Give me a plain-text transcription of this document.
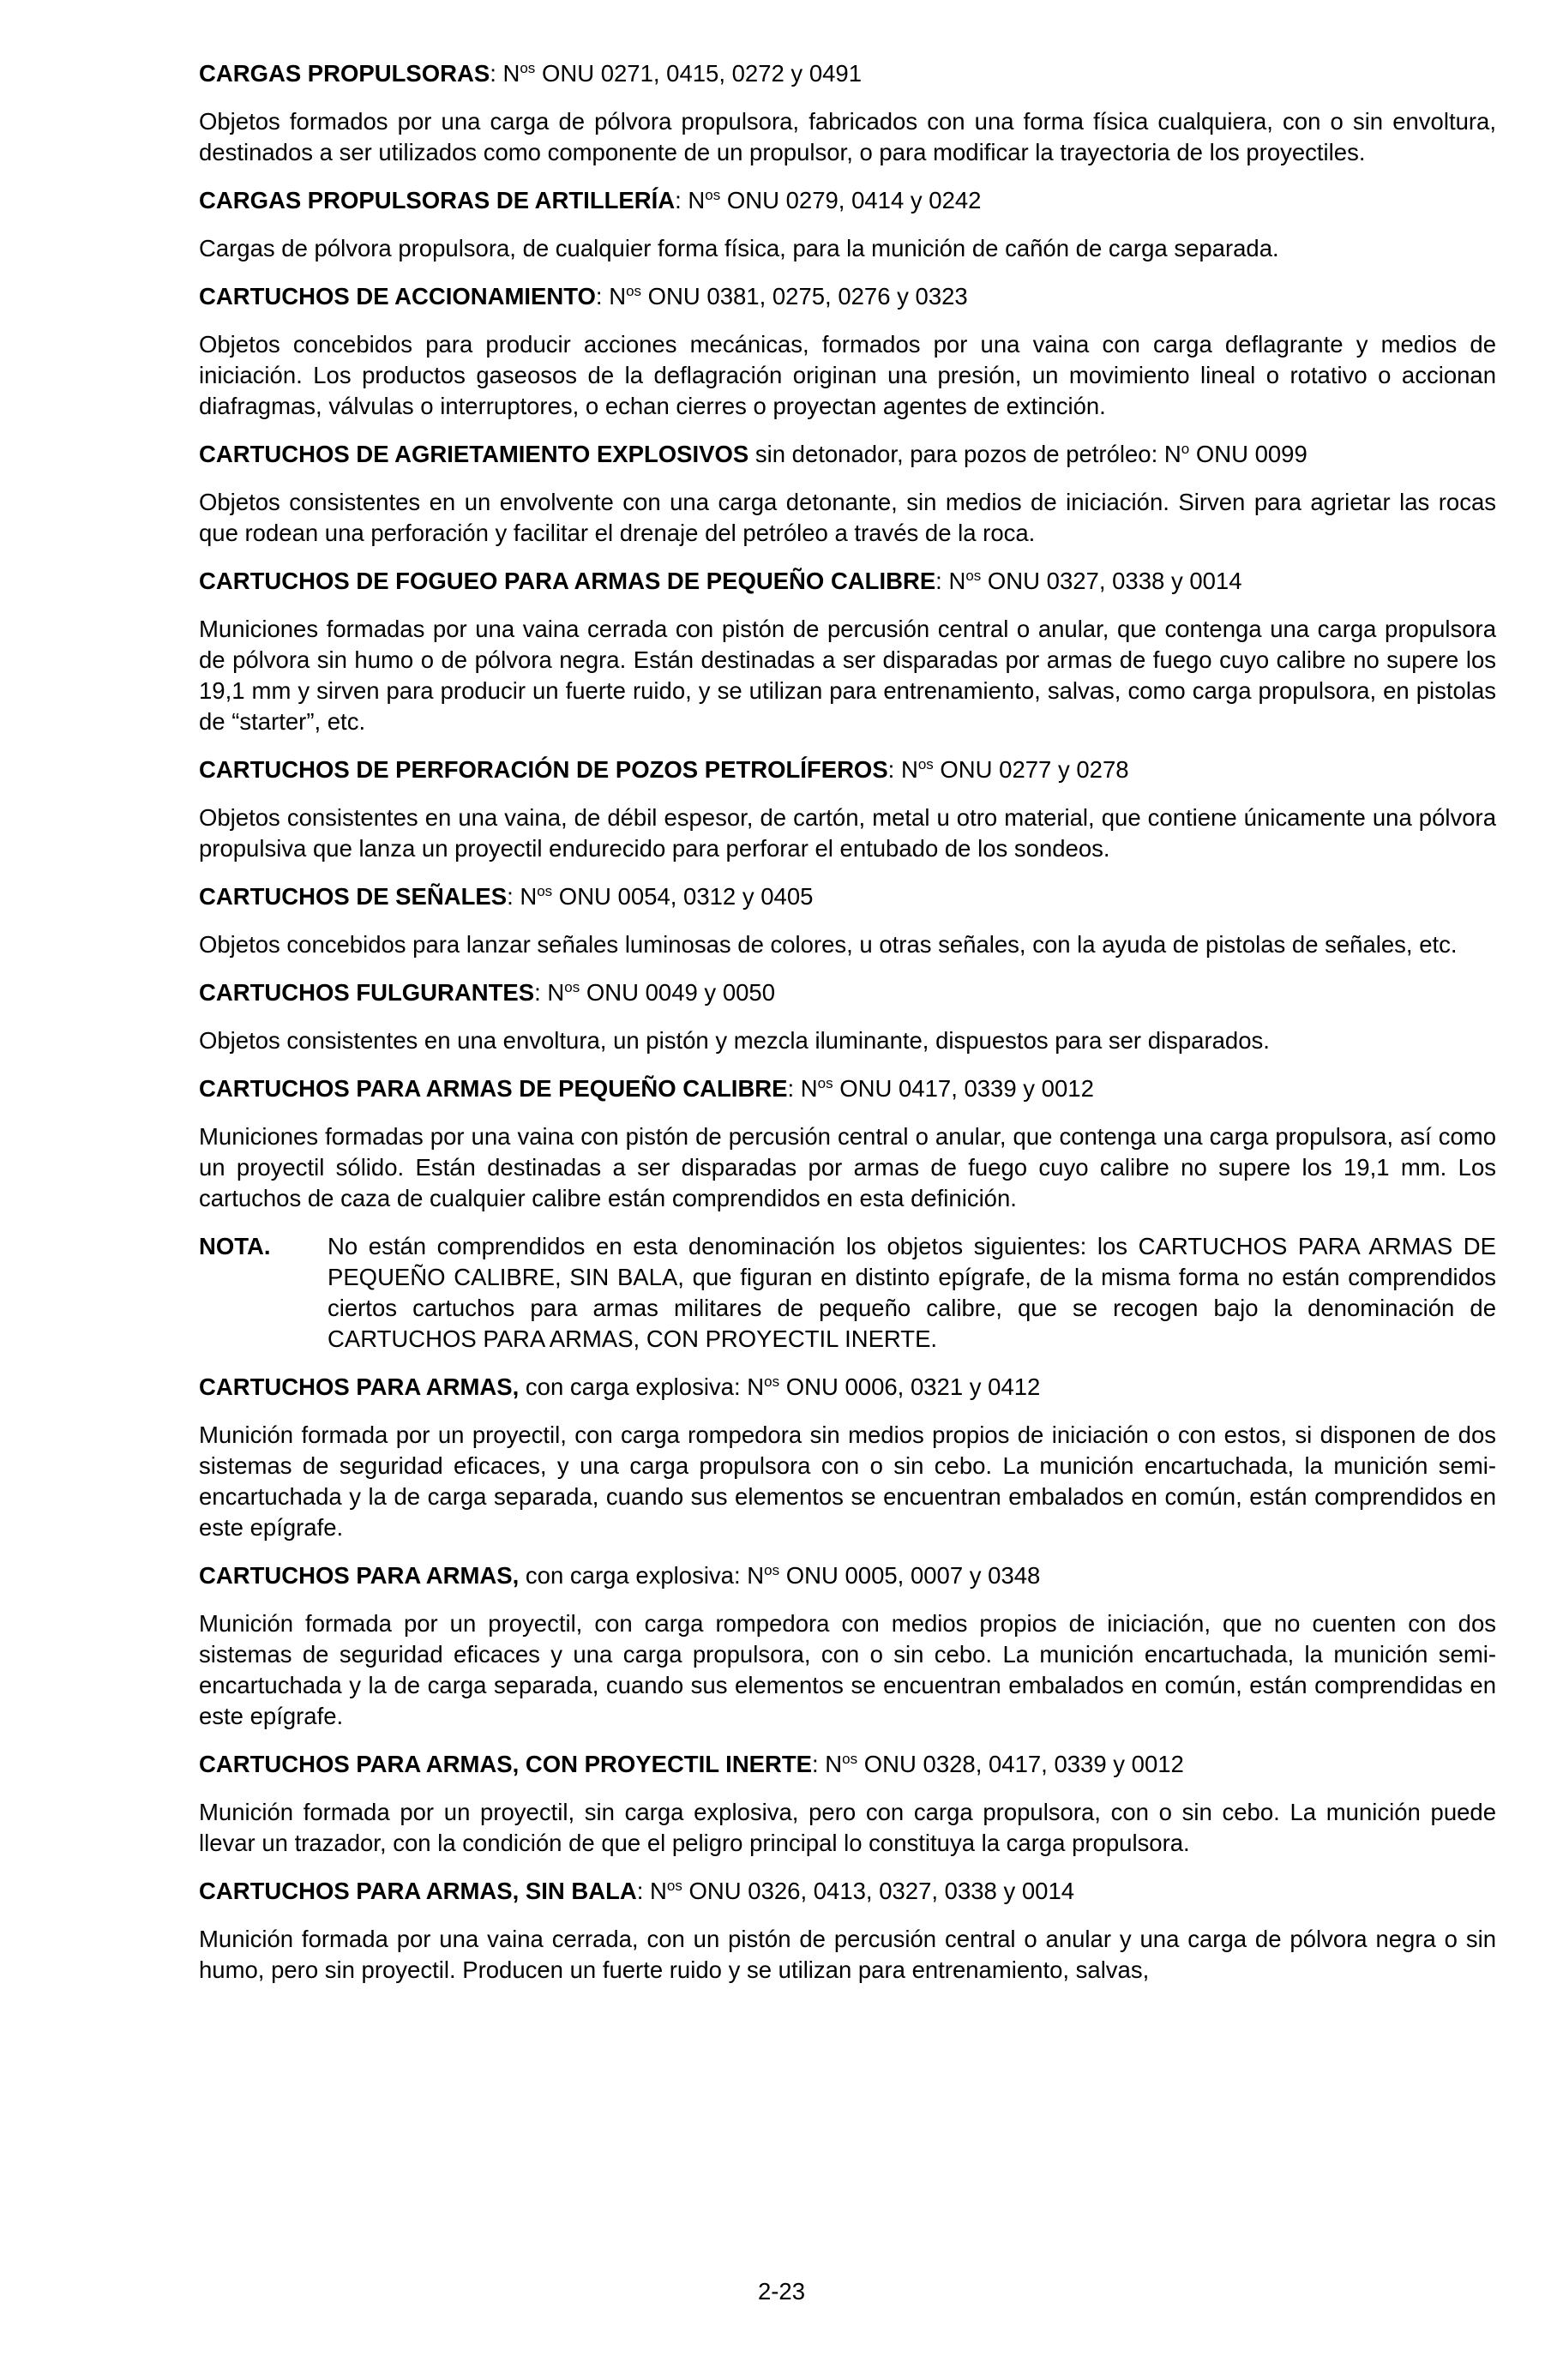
CARGAS PROPULSORAS: $N^{os}$ ONU 0271, 0415, 0272 y 0491

Objetos formados por una carga de pólvora propulsora, fabricados con una forma física cualquiera, con o sin envoltura, destinados a ser utilizados como componente de un propulsor, o para modificar la trayectoria de los proyectiles.

CARGAS PROPULSORAS DE ARTILLERÍA: $N^{os}$ ONU 0279, 0414 y 0242

Cargas de pólvora propulsora, de cualquier forma física, para la munición de cañón de carga separada.

CARTUCHOS DE ACCIONAMIENTO: $N^{os}$ ONU 0381, 0275, 0276 y 0323

Objetos concebidos para producir acciones mecánicas, formados por una vaina con carga deflagrante y medios de iniciación. Los productos gaseosos de la deflagración originan una presión, un movimiento lineal o rotativo o accionan diafragmas, válvulas o interruptores, o echan cierres o proyectan agentes de extinción.

CARTUCHOS DE AGRIETAMIENTO EXPLOSIVOS sin detonador, para pozos de petróleo: $N^o$ ONU 0099

Objetos consistentes en un envolvente con una carga detonante, sin medios de iniciación. Sirven para agrietar las rocas que rodean una perforación y facilitar el drenaje del petróleo a través de la roca.

CARTUCHOS DE FOGUEO PARA ARMAS DE PEQUEÑO CALIBRE: $N^{os}$ ONU 0327, 0338 y 0014

Municiones formadas por una vaina cerrada con pistón de percusión central o anular, que contenga una carga propulsora de pólvora sin humo o de pólvora negra. Están destinadas a ser disparadas por armas de fuego cuyo calibre no supere los 19,1 mm y sirven para producir un fuerte ruido, y se utilizan para entrenamiento, salvas, como carga propulsora, en pistolas de “starter”, etc.

CARTUCHOS DE PERFORACIÓN DE POZOS PETROLÍFEROS: $N^{os}$ ONU 0277 y 0278

Objetos consistentes en una vaina, de débil espesor, de cartón, metal u otro material, que contiene únicamente una pólvora propulsiva que lanza un proyectil endurecido para perforar el entubado de los sondeos.

CARTUCHOS DE SEÑALES: $N^{os}$ ONU 0054, 0312 y 0405

Objetos concebidos para lanzar señales luminosas de colores, u otras señales, con la ayuda de pistolas de señales, etc.

CARTUCHOS FULGURANTES: $N^{os}$ ONU 0049 y 0050

Objetos consistentes en una envoltura, un pistón y mezcla iluminante, dispuestos para ser disparados.

CARTUCHOS PARA ARMAS DE PEQUEÑO CALIBRE: $N^{os}$ ONU 0417, 0339 y 0012

Municiones formadas por una vaina con pistón de percusión central o anular, que contenga una carga propulsora, así como un proyectil sólido. Están destinadas a ser disparadas por armas de fuego cuyo calibre no supere los 19,1 mm. Los cartuchos de caza de cualquier calibre están comprendidos en esta definición.

NOTA.	No están comprendidos en esta denominación los objetos siguientes: los CARTUCHOS PARA ARMAS DE PEQUEÑO CALIBRE, SIN BALA, que figuran en distinto epígrafe, de la misma forma no están comprendidos ciertos cartuchos para armas militares de pequeño calibre, que se recogen bajo la denominación de CARTUCHOS PARA ARMAS, CON PROYECTIL INERTE.

CARTUCHOS PARA ARMAS, con carga explosiva: $N^{os}$ ONU 0006, 0321 y 0412

Munición formada por un proyectil, con carga rompedora sin medios propios de iniciación o con estos, si disponen de dos sistemas de seguridad eficaces, y una carga propulsora con o sin cebo. La munición encartuchada, la munición semi-encartuchada y la de carga separada, cuando sus elementos se encuentran embalados en común, están comprendidos en este epígrafe.

CARTUCHOS PARA ARMAS, con carga explosiva: $N^{os}$ ONU 0005, 0007 y 0348

Munición formada por un proyectil, con carga rompedora con medios propios de iniciación, que no cuenten con dos sistemas de seguridad eficaces y una carga propulsora, con o sin cebo. La munición encartuchada, la munición semi-encartuchada y la de carga separada, cuando sus elementos se encuentran embalados en común, están comprendidas en este epígrafe.

CARTUCHOS PARA ARMAS, CON PROYECTIL INERTE: $N^{os}$ ONU 0328, 0417, 0339 y 0012

Munición formada por un proyectil, sin carga explosiva, pero con carga propulsora, con o sin cebo. La munición puede llevar un trazador, con la condición de que el peligro principal lo constituya la carga propulsora.

CARTUCHOS PARA ARMAS, SIN BALA: $N^{os}$ ONU 0326, 0413, 0327, 0338 y 0014

Munición formada por una vaina cerrada, con un pistón de percusión central o anular y una carga de pólvora negra o sin humo, pero sin proyectil. Producen un fuerte ruido y se utilizan para entrenamiento, salvas,

2-23
